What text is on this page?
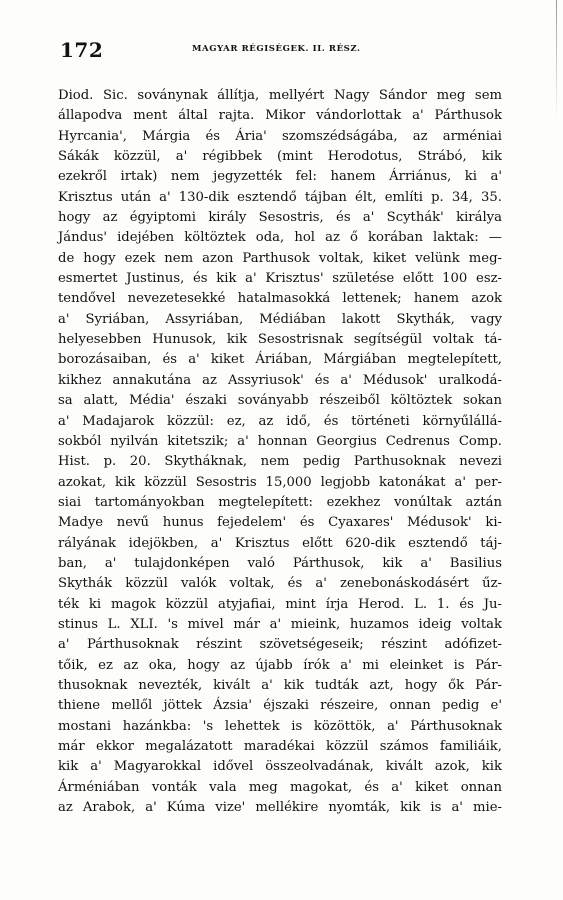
172	MAGYAR RÉGISÉGEK. II. RÉSZ.
Diod. Sic. soványnak állítja, mellyért Nagy Sándor meg sem
állapodva ment által rajta. Mikor vándorlottak a' Párthusok
Hyrcania', Márgia és Ária' szomszédságába, az arméniai
Sákák közzül, a' régibbek (mint Herodotus, Strábó, kik
ezekről irtak) nem jegyzették fel: hanem Árriánus, ki a'
Krisztus után a' 130-dik esztendő tájban élt, említi p. 34, 35.
hogy az égyiptomi király Sesostris, és a' Scythák' királya
Jándus' idejében költöztek oda, hol az ő korában laktak: —
de hogy ezek nem azon Parthusok voltak, kiket velünk meg-
esmertet Justinus, és kik a' Krisztus' születése előtt 100 esz-
tendővel nevezetesekké hatalmasokká lettenek; hanem azok
a' Syriában, Assyriában, Médiában lakott Skythák, vagy
helyesebben Hunusok, kik Sesostrisnak segítségül voltak tá-
borozásaiban, és a' kiket Áriában, Márgiában megtelepített,
kikhez annakutána az Assyriusok' és a' Médusok' uralkodá-
sa alatt, Média' északi soványabb részeiből költöztek sokan
a' Madajarok közzül: ez, az idő, és történeti környűlállá-
sokból nyilván kitetszik; a' honnan Georgius Cedrenus Comp.
Hist. p. 20. Skytháknak, nem pedig Parthusoknak nevezi
azokat, kik közzül Sesostris 15,000 legjobb katonákat a' per-
siai tartományokban megtelepített: ezekhez vonúltak aztán
Madye nevű hunus fejedelem' és Cyaxares' Médusok' ki-
rályának idejökben, a' Krisztus előtt 620-dik esztendő táj-
ban, a' tulajdonképen való Párthusok, kik a' Basilius
Skythák közzül valók voltak, és a' zenebonáskodásért űz-
ték ki magok közzül atyjafiai, mint írja Herod. L. 1. és Ju-
stinus L. XLI. 's mivel már a' mieink, huzamos ideig voltak
a' Párthusoknak részint szövetségeseik; részint adófizet-
tőik, ez az oka, hogy az újabb írók a' mi eleinket is Pár-
thusoknak nevezték, kivált a' kik tudták azt, hogy ők Pár-
thiene mellől jöttek Ázsia' éjszaki részeire, onnan pedig e'
mostani hazánkba: 's lehettek is közöttök, a' Párthusoknak
már ekkor megalázatott maradékai közzül számos familiáik,
kik a' Magyarokkal idővel összeolvadának, kivált azok, kik
Árméniában vonták vala meg magokat, és a' kiket onnan
az Arabok, a' Kúma vize' mellékire nyomták, kik is a' mie-
